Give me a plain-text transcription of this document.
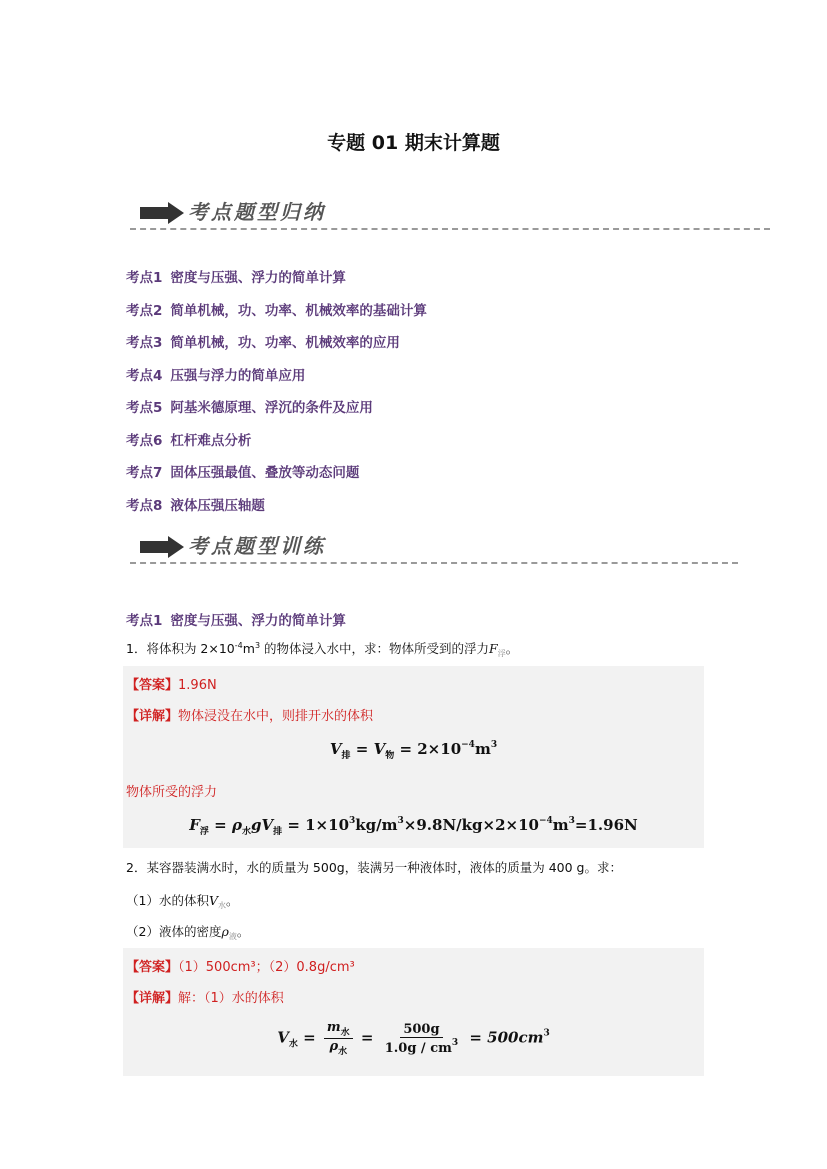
专题 01 期末计算题
考点题型归纳
考点1 密度与压强、浮力的简单计算
考点2 简单机械，功、功率、机械效率的基础计算
考点3 简单机械，功、功率、机械效率的应用
考点4 压强与浮力的简单应用
考点5 阿基米德原理、浮沉的条件及应用
考点6 杠杆难点分析
考点7 固体压强最值、叠放等动态问题
考点8 液体压强压轴题
考点题型训练
考点1 密度与压强、浮力的简单计算
1．将体积为 $2\times 10^{-4}m^3$ 的物体浸入水中，求：物体所受到的浮力$F_浮$。
【答案】1.96N
【详解】物体浸没在水中，则排开水的体积
$V_排 = V_物 = 2\times 10^{-4}m^3$
物体所受的浮力
$F_浮 = \rho_水gV_排 = 1\times 10^3kg/m^3\times 9.8N/kg\times 2\times 10^{-4}m^3=1.96N$
2．某容器装满水时，水的质量为 500g，装满另一种液体时，液体的质量为 400 g。求：
（1）水的体积$V_水$。
（2）液体的密度$\rho_液$。
【答案】（1）500cm³；（2）0.8g/cm³
【详解】解：（1）水的体积
$V_水 = \frac{m_水}{\rho_水} = \frac{500g}{1.0g / cm^3} = 500cm^3$
